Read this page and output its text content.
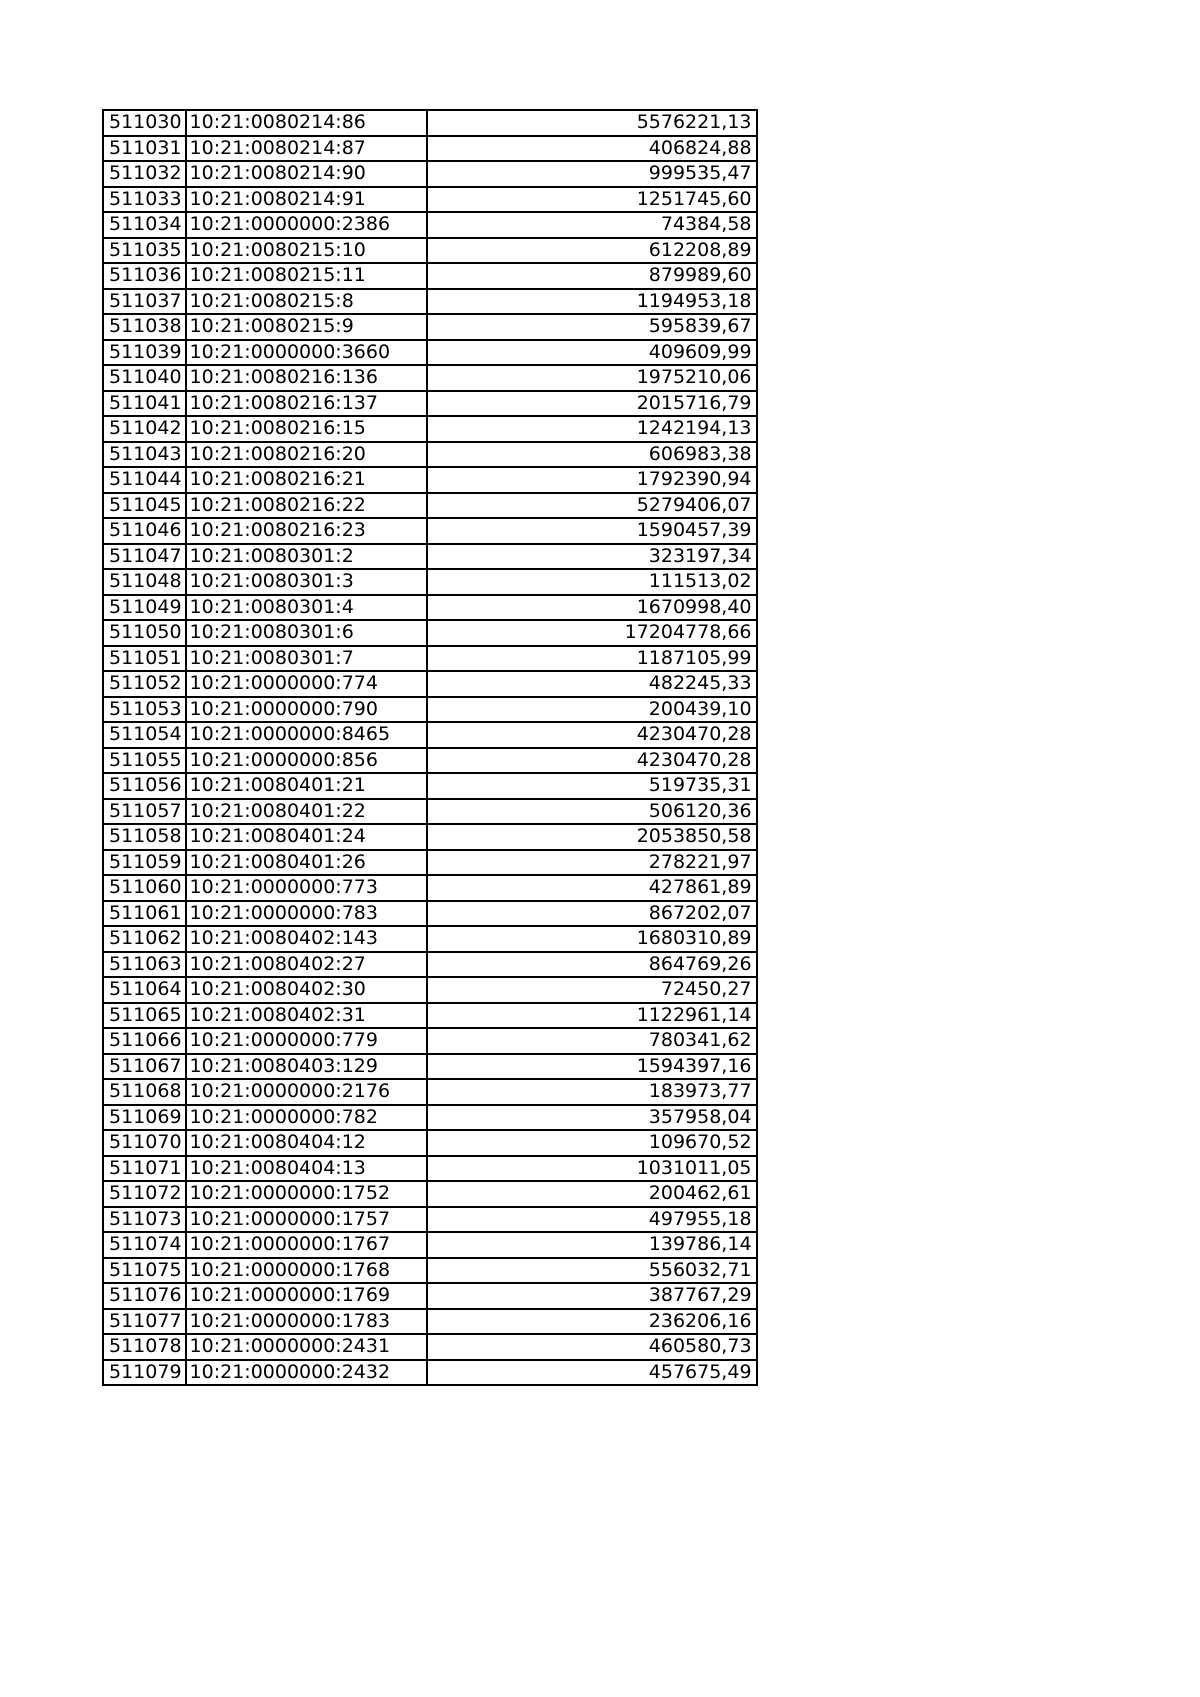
511030	10:21:0080214:86	5576221,13
511031	10:21:0080214:87	406824,88
511032	10:21:0080214:90	999535,47
511033	10:21:0080214:91	1251745,60
511034	10:21:0000000:2386	74384,58
511035	10:21:0080215:10	612208,89
511036	10:21:0080215:11	879989,60
511037	10:21:0080215:8	1194953,18
511038	10:21:0080215:9	595839,67
511039	10:21:0000000:3660	409609,99
511040	10:21:0080216:136	1975210,06
511041	10:21:0080216:137	2015716,79
511042	10:21:0080216:15	1242194,13
511043	10:21:0080216:20	606983,38
511044	10:21:0080216:21	1792390,94
511045	10:21:0080216:22	5279406,07
511046	10:21:0080216:23	1590457,39
511047	10:21:0080301:2	323197,34
511048	10:21:0080301:3	111513,02
511049	10:21:0080301:4	1670998,40
511050	10:21:0080301:6	17204778,66
511051	10:21:0080301:7	1187105,99
511052	10:21:0000000:774	482245,33
511053	10:21:0000000:790	200439,10
511054	10:21:0000000:8465	4230470,28
511055	10:21:0000000:856	4230470,28
511056	10:21:0080401:21	519735,31
511057	10:21:0080401:22	506120,36
511058	10:21:0080401:24	2053850,58
511059	10:21:0080401:26	278221,97
511060	10:21:0000000:773	427861,89
511061	10:21:0000000:783	867202,07
511062	10:21:0080402:143	1680310,89
511063	10:21:0080402:27	864769,26
511064	10:21:0080402:30	72450,27
511065	10:21:0080402:31	1122961,14
511066	10:21:0000000:779	780341,62
511067	10:21:0080403:129	1594397,16
511068	10:21:0000000:2176	183973,77
511069	10:21:0000000:782	357958,04
511070	10:21:0080404:12	109670,52
511071	10:21:0080404:13	1031011,05
511072	10:21:0000000:1752	200462,61
511073	10:21:0000000:1757	497955,18
511074	10:21:0000000:1767	139786,14
511075	10:21:0000000:1768	556032,71
511076	10:21:0000000:1769	387767,29
511077	10:21:0000000:1783	236206,16
511078	10:21:0000000:2431	460580,73
511079	10:21:0000000:2432	457675,49
